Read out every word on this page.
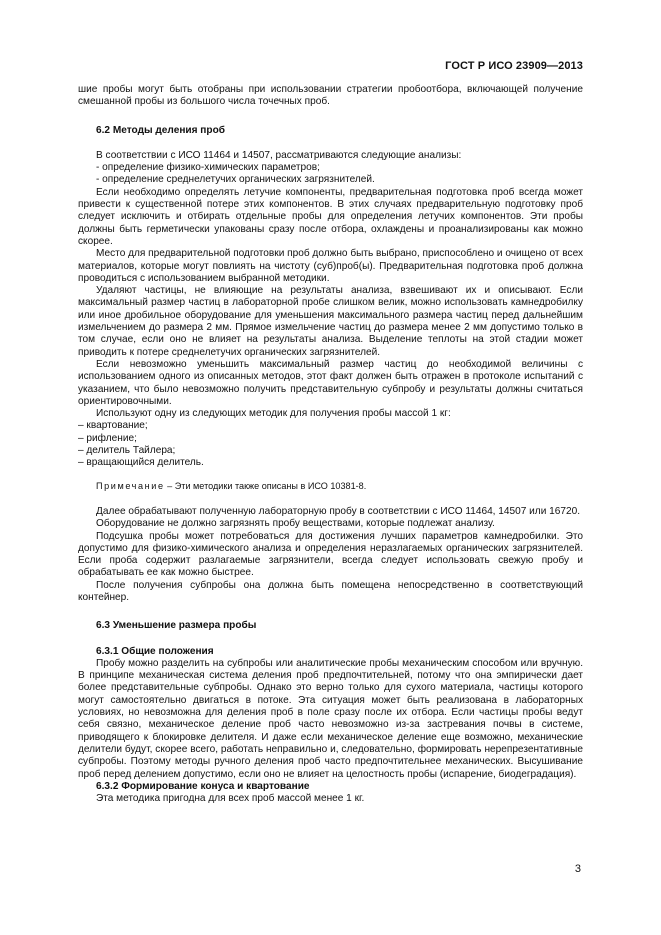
ГОСТ Р ИСО 23909—2013

шие пробы могут быть отобраны при использовании стратегии пробоотбора, включающей получение смешанной пробы из большого числа точечных проб.

6.2 Методы деления проб

В соответствии с ИСО 11464 и 14507, рассматриваются следующие анализы:

- определение физико-химических параметров;

- определение среднелетучих органических загрязнителей.

Если необходимо определять летучие компоненты, предварительная подготовка проб всегда может привести к существенной потере этих компонентов. В этих случаях предварительную подготовку проб следует исключить и отбирать отдельные пробы для определения летучих компонентов. Эти пробы должны быть герметически упакованы сразу после отбора, охлаждены и проанализированы как можно скорее.

Место для предварительной подготовки проб должно быть выбрано, приспособлено и очищено от всех материалов, которые могут повлиять на чистоту (суб)проб(ы). Предварительная подготовка проб должна проводиться с использованием выбранной методики.

Удаляют частицы, не влияющие на результаты анализа, взвешивают их и описывают. Если максимальный размер частиц в лабораторной пробе слишком велик, можно использовать камнедробилку или иное дробильное оборудование для уменьшения максимального размера частиц перед дальнейшим измельчением до размера 2 мм. Прямое измельчение частиц до размера менее 2 мм допустимо только в том случае, если оно не влияет на результаты анализа. Выделение теплоты на этой стадии может приводить к потере среднелетучих органических загрязнителей.

Если невозможно уменьшить максимальный размер частиц до необходимой величины с использованием одного из описанных методов, этот факт должен быть отражен в протоколе испытаний с указанием, что было невозможно получить представительную субпробу и результаты должны считаться ориентировочными.

Используют одну из следующих методик для получения пробы массой 1 кг:

– квартование;

– рифление;

– делитель Тайлера;

– вращающийся делитель.

Примечание – Эти методики также описаны в ИСО 10381-8.

Далее обрабатывают полученную лабораторную пробу в соответствии с ИСО 11464, 14507 или 16720.

Оборудование не должно загрязнять пробу веществами, которые подлежат анализу.

Подсушка пробы может потребоваться для достижения лучших параметров камнедробилки. Это допустимо для физико-химического анализа и определения неразлагаемых органических загрязнителей. Если проба содержит разлагаемые загрязнители, всегда следует использовать свежую пробу и обрабатывать ее как можно быстрее.

После получения субпробы она должна быть помещена непосредственно в соответствующий контейнер.

6.3 Уменьшение размера пробы

6.3.1 Общие положения

Пробу можно разделить на субпробы или аналитические пробы механическим способом или вручную. В принципе механическая система деления проб предпочтительней, потому что она эмпирически дает более представительные субпробы. Однако это верно только для сухого материала, частицы которого могут самостоятельно двигаться в потоке. Эта ситуация может быть реализована в лабораторных условиях, но невозможна для деления проб в поле сразу после их отбора. Если частицы пробы ведут себя связно, механическое деление проб часто невозможно из-за застревания почвы в системе, приводящего к блокировке делителя. И даже если механическое деление еще возможно, механические делители будут, скорее всего, работать неправильно и, следовательно, формировать нерепрезентативные субпробы. Поэтому методы ручного деления проб часто предпочтительнее механических. Высушивание проб перед делением допустимо, если оно не влияет на целостность пробы (испарение, биодеградация).

6.3.2 Формирование конуса и квартование

Эта методика пригодна для всех проб массой менее 1 кг.

3
